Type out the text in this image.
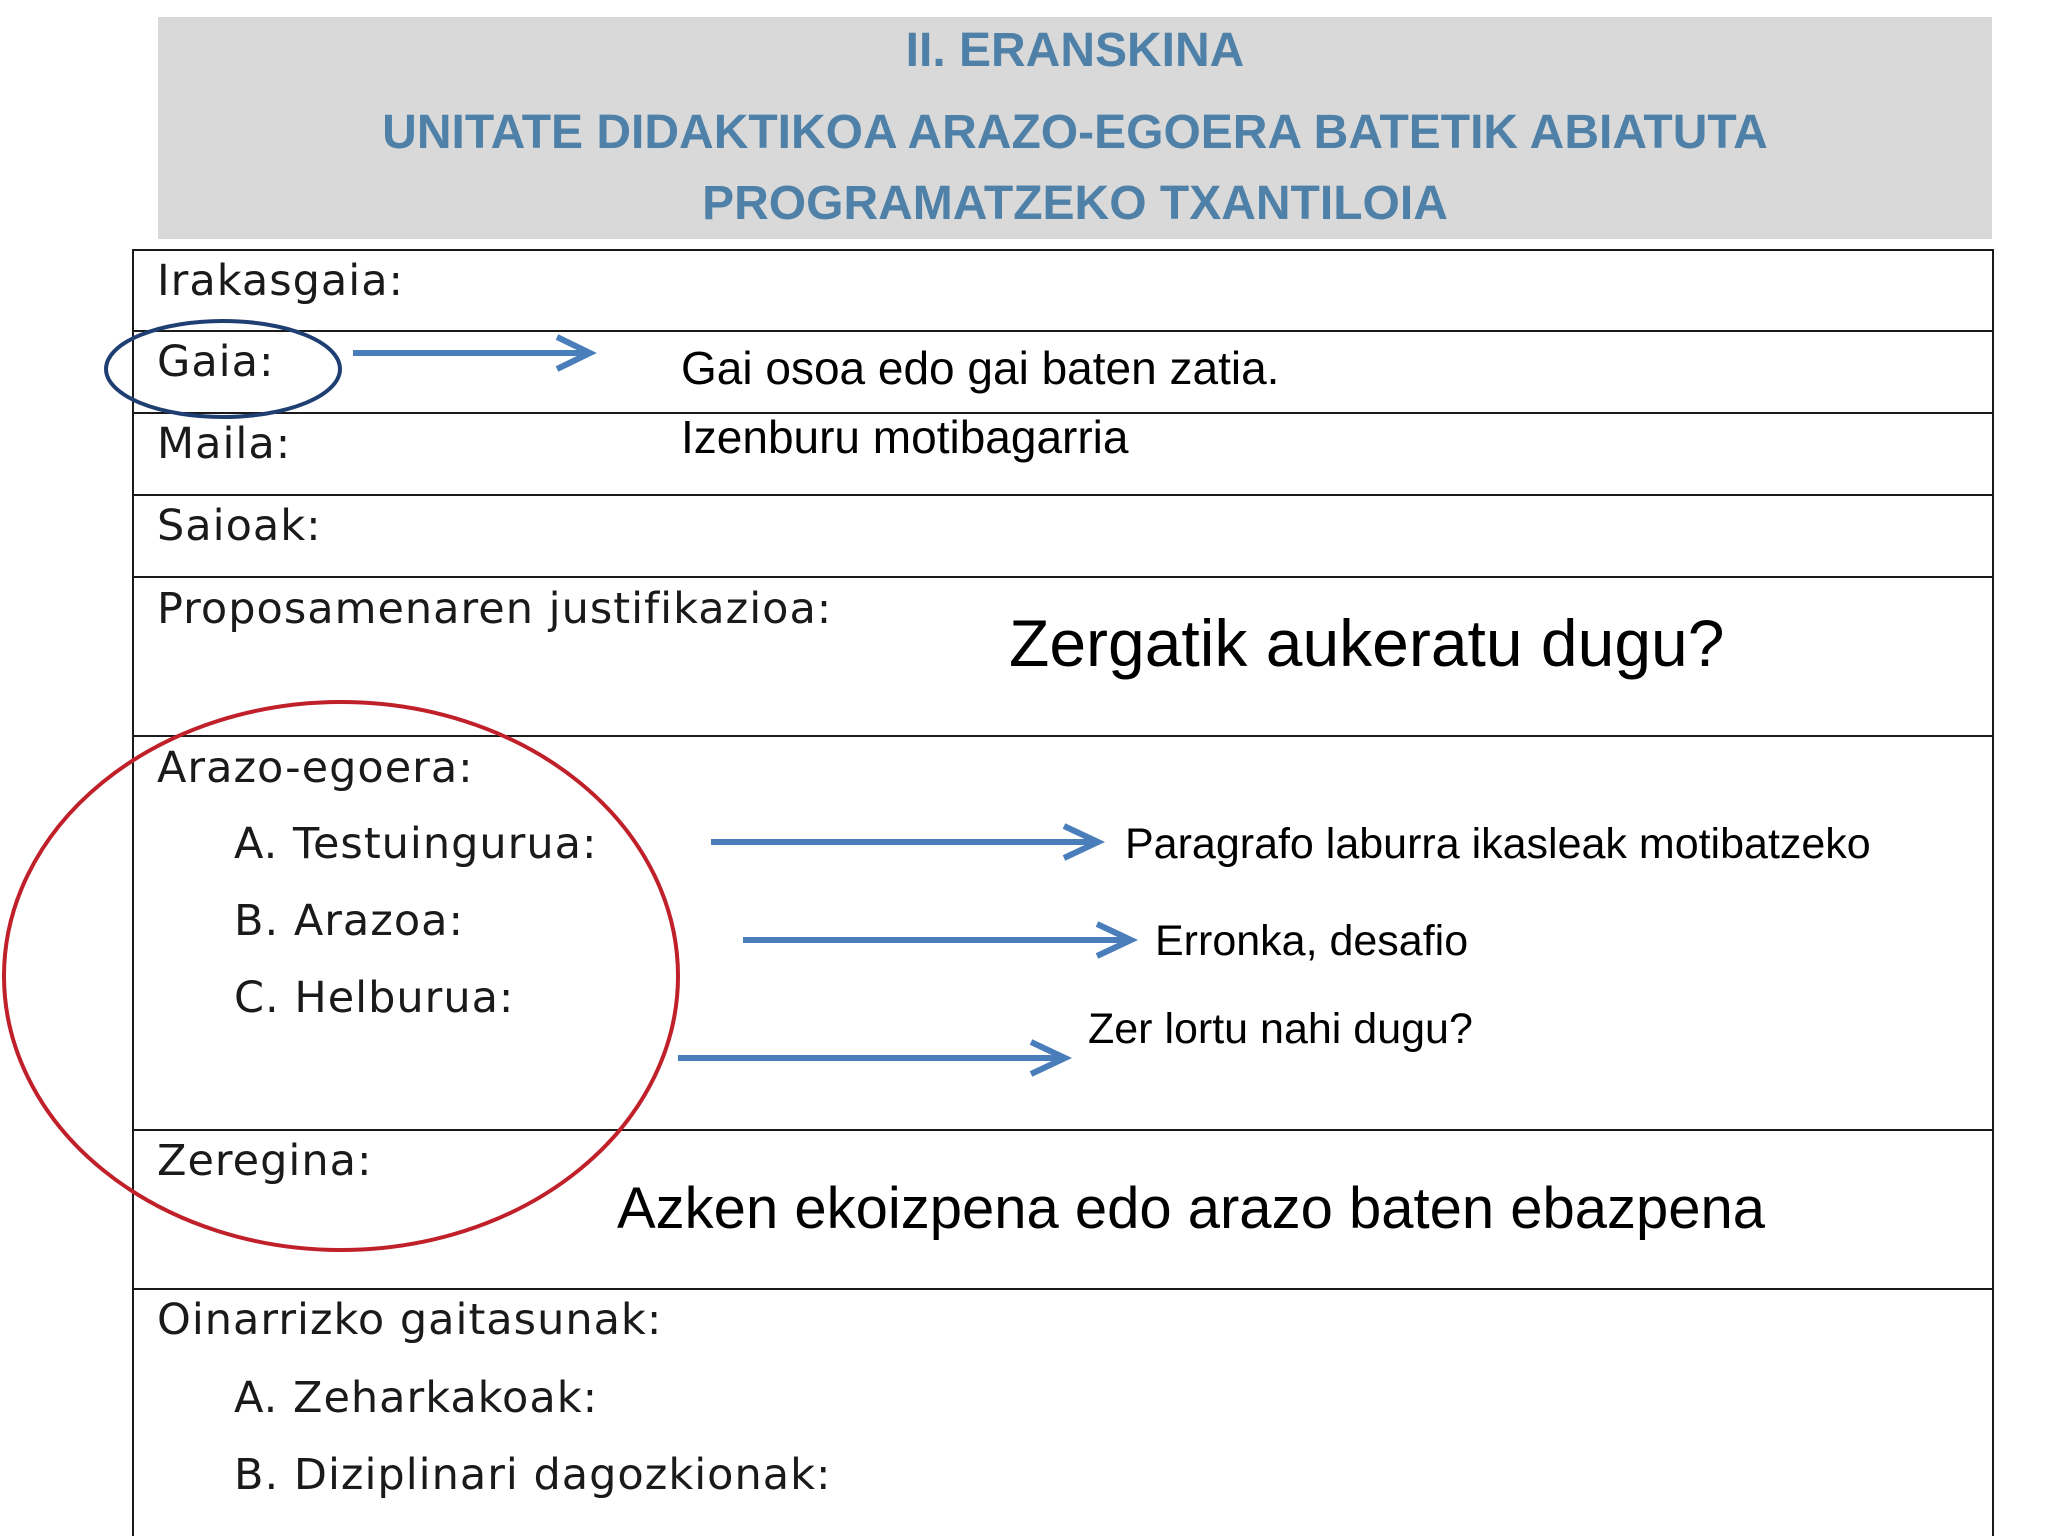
II. ERANSKINA
UNITATE DIDAKTIKOA ARAZO-EGOERA BATETIK ABIATUTA
PROGRAMATZEKO TXANTILOIA
Irakasgaia:
Gaia:
Maila:
Saioak:
Proposamenaren justifikazioa:
Arazo-egoera:
A. Testuingurua:
B. Arazoa:
C. Helburua:
Zeregina:
Oinarrizko gaitasunak:
A. Zeharkakoak:
B. Diziplinari dagozkionak:
Gai osoa edo gai baten zatia.
Izenburu motibagarria
Zergatik aukeratu dugu?
Paragrafo laburra ikasleak motibatzeko
Erronka, desafio
Zer lortu nahi dugu?
Azken ekoizpena edo arazo baten ebazpena
